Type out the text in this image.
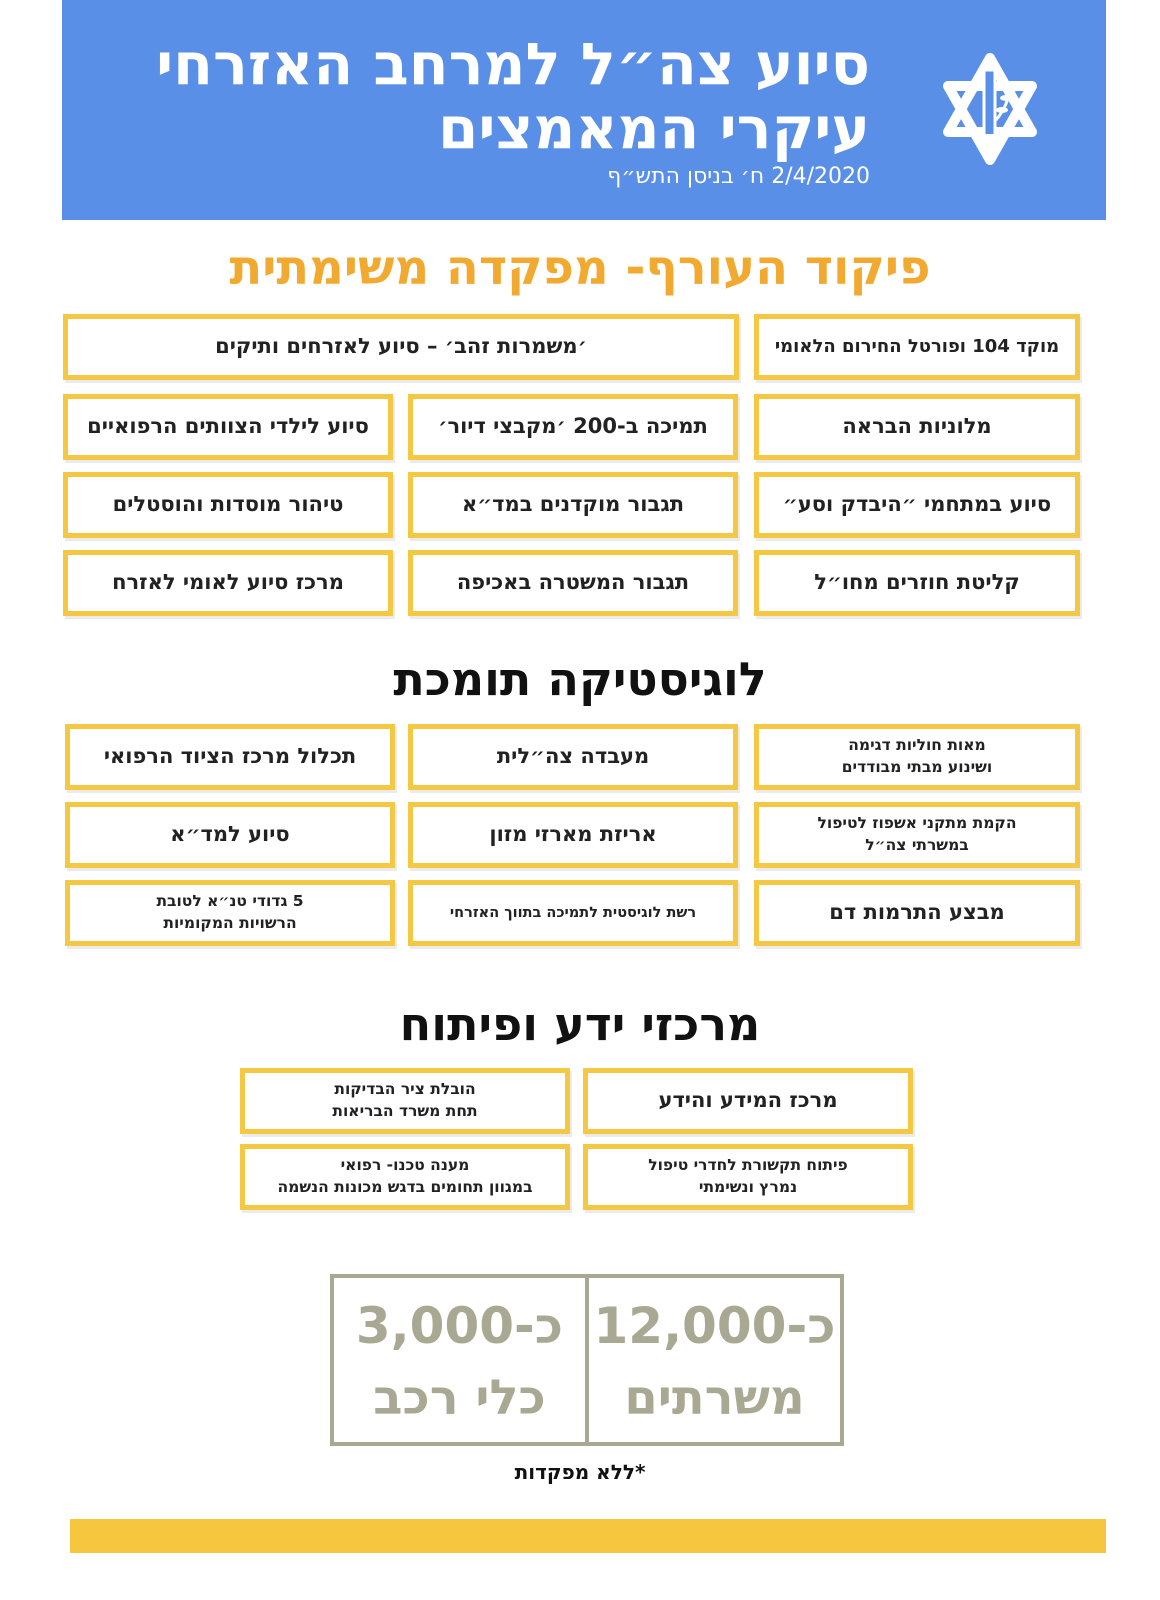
סיוע צה״ל למרחב האזרחי
עיקרי המאמצים
2/4/2020 ח׳ בניסן התש״ף
פיקוד העורף- מפקדה משימתית
מוקד 104 ופורטל החירום הלאומי
׳משמרות זהב׳ – סיוע לאזרחים ותיקים
מלוניות הבראה
תמיכה ב-200 ׳מקבצי דיור׳
סיוע לילדי הצוותים הרפואיים
סיוע במתחמי ״היבדק וסע״
תגבור מוקדנים במד״א
טיהור מוסדות והוסטלים
קליטת חוזרים מחו״ל
תגבור המשטרה באכיפה
מרכז סיוע לאומי לאזרח
לוגיסטיקה תומכת
מאות חוליות דגימה
ושינוע מבתי מבודדים
מעבדה צה״לית
תכלול מרכז הציוד הרפואי
הקמת מתקני אשפוז לטיפול
במשרתי צה״ל
אריזת מארזי מזון
סיוע למד״א
מבצע התרמות דם
רשת לוגיסטית לתמיכה בתווך האזרחי
5 גדודי טנ״א לטובת
הרשויות המקומיות
מרכזי ידע ופיתוח
מרכז המידע והידע
הובלת ציר הבדיקות
תחת משרד הבריאות
פיתוח תקשורת לחדרי טיפול
נמרץ ונשימתי
מענה טכנו- רפואי
במגוון תחומים בדגש מכונות הנשמה
כ-12,000
משרתים
כ-3,000
כלי רכב
*ללא מפקדות
